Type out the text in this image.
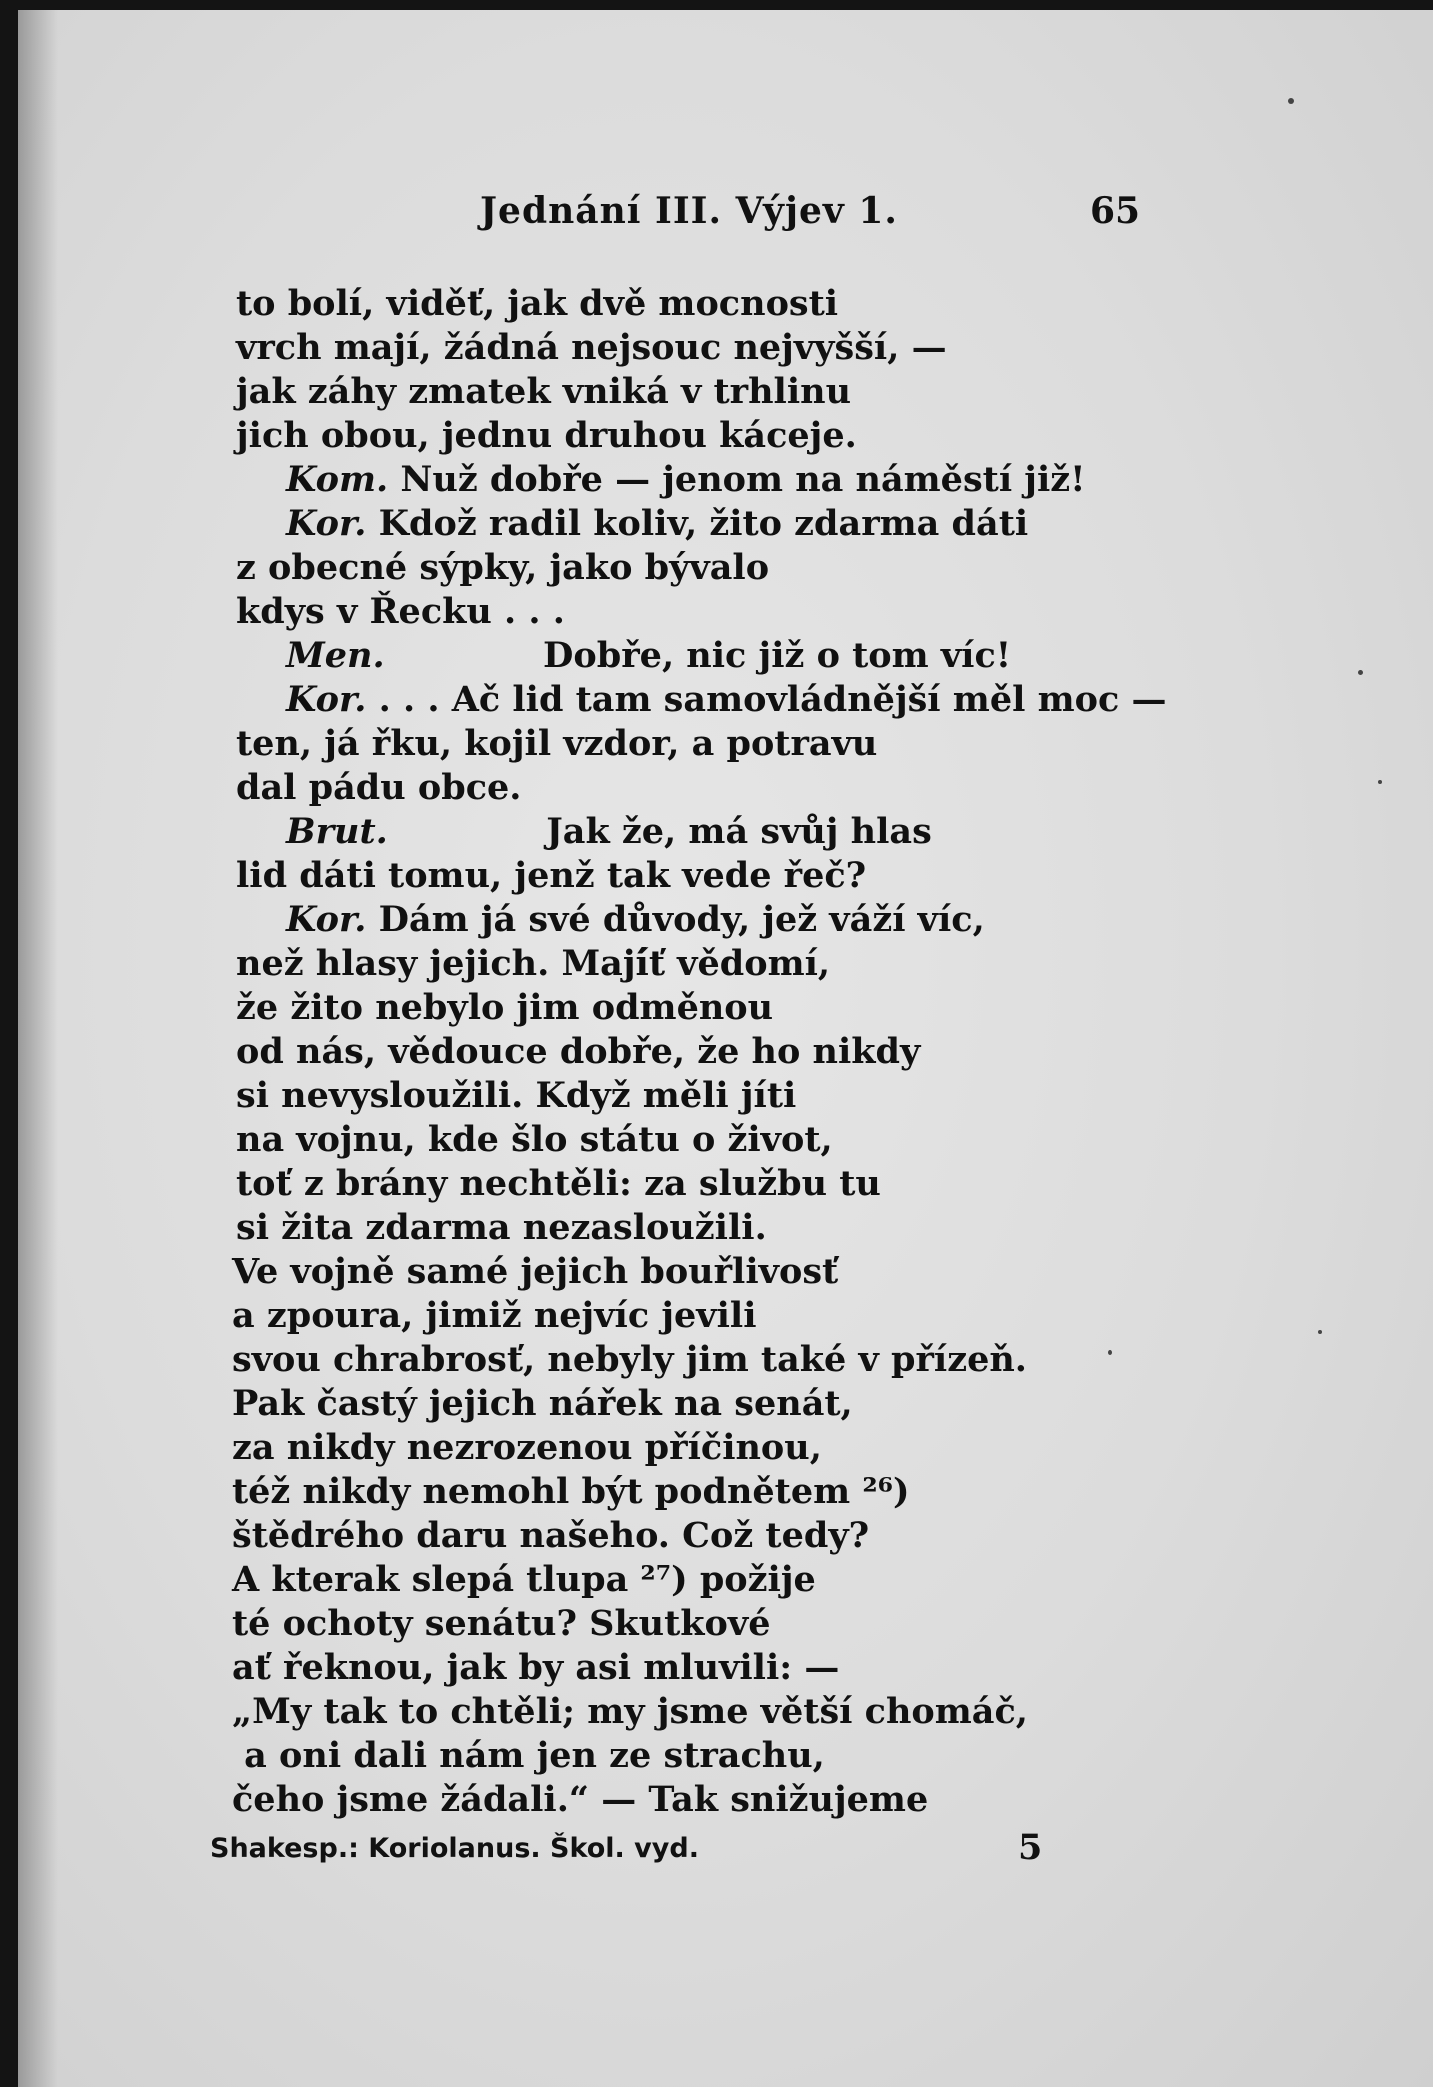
Jednání III. Výjev 1.	65
to bolí, viděť, jak dvě mocnosti
vrch mají, žádná nejsouc nejvyšší, —
jak záhy zmatek vniká v trhlinu
jich obou, jednu druhou káceje.
Kom. Nuž dobře — jenom na náměstí již!
Kor. Kdož radil koliv, žito zdarma dáti
z obecné sýpky, jako bývalo
kdys v Řecku . . .
Men.             Dobře, nic již o tom víc!
Kor. . . . Ač lid tam samovládnější měl moc —
ten, já řku, kojil vzdor, a potravu
dal pádu obce.
Brut.             Jak že, má svůj hlas
lid dáti tomu, jenž tak vede řeč?
Kor. Dám já své důvody, jež váží víc,
než hlasy jejich. Mají́ť vědomí,
že žito nebylo jim odměnou
od nás, vědouce dobře, že ho nikdy
si nevysloužili. Když měli jíti
na vojnu, kde šlo státu o život,
toť z brány nechtěli: za službu tu
si žita zdarma nezasloužili.
Ve vojně samé jejich bouřlivosť
a zpoura, jimiž nejvíc jevili
svou chrabrosť, nebyly jim také v přízeň.
Pak častý jejich nářek na senát,
za nikdy nezrozenou příčinou,
též nikdy nemohl být podnětem ²⁶)
štědrého daru našeho. Což tedy?
A kterak slepá tlupa ²⁷) požije
té ochoty senátu? Skutkové
ať řeknou, jak by asi mluvili: —
„My tak to chtěli; my jsme větší chomáč,
a oni dali nám jen ze strachu,
čeho jsme žádali.“ — Tak snižujeme
Shakesp.: Koriolanus. Škol. vyd.	5
